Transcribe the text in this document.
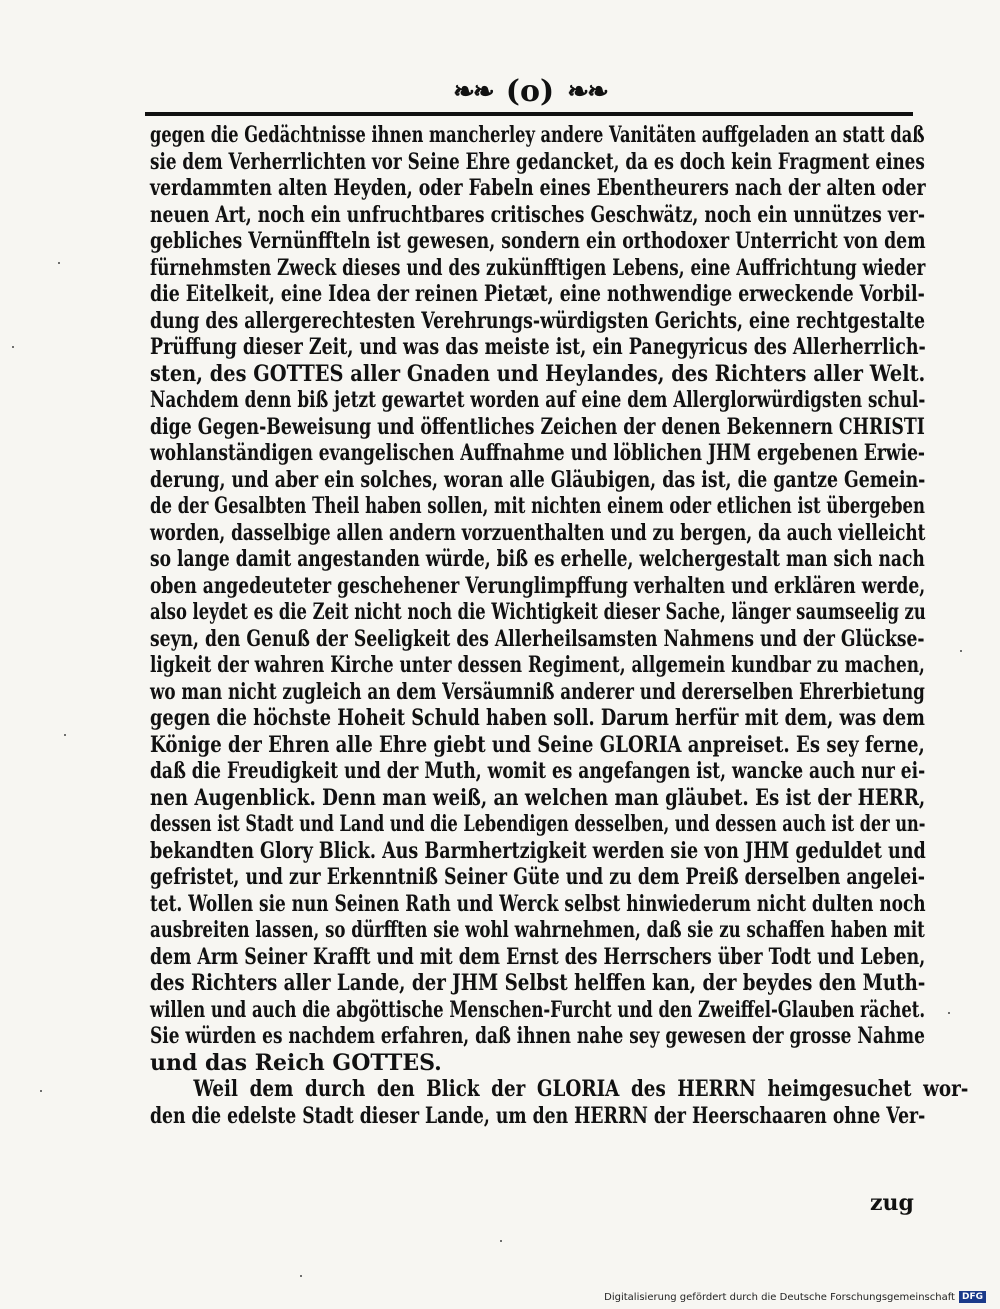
❧❧ (o) ❧❧
gegen die Gedächtnisse ihnen mancherley andere Vanitäten auffgeladen an statt daß
sie dem Verherrlichten vor Seine Ehre gedancket, da es doch kein Fragment eines
verdammten alten Heyden, oder Fabeln eines Ebentheurers nach der alten oder
neuen Art, noch ein unfruchtbares critisches Geschwätz, noch ein unnützes ver-
gebliches Vernünffteln ist gewesen, sondern ein orthodoxer Unterricht von dem
fürnehmsten Zweck dieses und des zukünfftigen Lebens, eine Auffrichtung wieder
die Eitelkeit, eine Idea der reinen Pietæt, eine nothwendige erweckende Vorbil-
dung des allergerechtesten Verehrungs-würdigsten Gerichts, eine rechtgestalte
Prüffung dieser Zeit, und was das meiste ist, ein Panegyricus des Allerherrlich-
sten, des GOTTES aller Gnaden und Heylandes, des Richters aller Welt.
Nachdem denn biß jetzt gewartet worden auf eine dem Allerglorwürdigsten schul-
dige Gegen-Beweisung und öffentliches Zeichen der denen Bekennern CHRISTI
wohlanständigen evangelischen Auffnahme und löblichen JHM ergebenen Erwie-
derung, und aber ein solches, woran alle Gläubigen, das ist, die gantze Gemein-
de der Gesalbten Theil haben sollen, mit nichten einem oder etlichen ist übergeben
worden, dasselbige allen andern vorzuenthalten und zu bergen, da auch vielleicht
so lange damit angestanden würde, biß es erhelle, welchergestalt man sich nach
oben angedeuteter geschehener Verunglimpffung verhalten und erklären werde,
also leydet es die Zeit nicht noch die Wichtigkeit dieser Sache, länger saumseelig zu
seyn, den Genuß der Seeligkeit des Allerheilsamsten Nahmens und der Glückse-
ligkeit der wahren Kirche unter dessen Regiment, allgemein kundbar zu machen,
wo man nicht zugleich an dem Versäumniß anderer und dererselben Ehrerbietung
gegen die höchste Hoheit Schuld haben soll. Darum herfür mit dem, was dem
Könige der Ehren alle Ehre giebt und Seine GLORIA anpreiset. Es sey ferne,
daß die Freudigkeit und der Muth, womit es angefangen ist, wancke auch nur ei-
nen Augenblick. Denn man weiß, an welchen man gläubet. Es ist der HERR,
dessen ist Stadt und Land und die Lebendigen desselben, und dessen auch ist der un-
bekandten Glory Blick. Aus Barmhertzigkeit werden sie von JHM geduldet und
gefristet, und zur Erkenntniß Seiner Güte und zu dem Preiß derselben angelei-
tet. Wollen sie nun Seinen Rath und Werck selbst hinwiederum nicht dulten noch
ausbreiten lassen, so dürfften sie wohl wahrnehmen, daß sie zu schaffen haben mit
dem Arm Seiner Krafft und mit dem Ernst des Herrschers über Todt und Leben,
des Richters aller Lande, der JHM Selbst helffen kan, der beydes den Muth-
willen und auch die abgöttische Menschen-Furcht und den Zweiffel-Glauben rächet.
Sie würden es nachdem erfahren, daß ihnen nahe sey gewesen der grosse Nahme
und das Reich GOTTES.
Weil dem durch den Blick der GLORIA des HERRN heimgesuchet wor-
den die edelste Stadt dieser Lande, um den HERRN der Heerschaaren ohne Ver-
zug
Digitalisierung gefördert durch die Deutsche Forschungsgemeinschaft DFG
